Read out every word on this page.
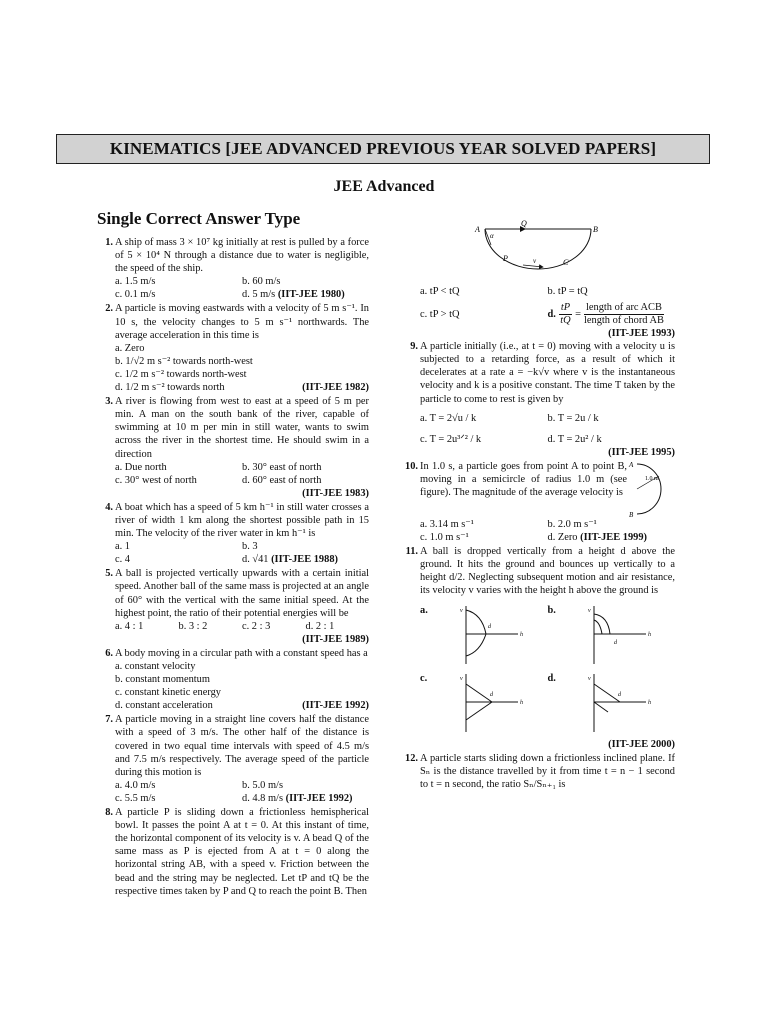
KINEMATICS [JEE ADVANCED PREVIOUS YEAR SOLVED PAPERS]
JEE Advanced
Single Correct Answer Type
1. A ship of mass 3 × 10⁷ kg initially at rest is pulled by a force of 5 × 10⁴ N through a distance due to water is negligible, the speed of the ship.
a. 1.5 m/s	b. 60 m/s
c. 0.1 m/s	d. 5 m/s (IIT-JEE 1980)
2. A particle is moving eastwards with a velocity of 5 m s⁻¹. In 10 s, the velocity changes to 5 m s⁻¹ northwards. The average acceleration in this time is
a. Zero
b. 1/√2 m s⁻² towards north-west
c. 1/2 m s⁻² towards north-west
d. 1/2 m s⁻² towards north	(IIT-JEE 1982)
3. A river is flowing from west to east at a speed of 5 m per min. A man on the south bank of the river, capable of swimming at 10 m per min in still water, wants to swim across the river in the shortest time. He should swim in a direction
a. Due north	b. 30° east of north
c. 30° west of north	d. 60° east of north
(IIT-JEE 1983)
4. A boat which has a speed of 5 km h⁻¹ in still water crosses a river of width 1 km along the shortest possible path in 15 min. The velocity of the river water in km h⁻¹ is
a. 1	b. 3
c. 4	d. √41 (IIT-JEE 1988)
5. A ball is projected vertically upwards with a certain initial speed. Another ball of the same mass is projected at an angle of 60° with the vertical with the same initial speed. At the highest point, the ratio of their potential energies will be
a. 4 : 1	b. 3 : 2	c. 2 : 3	d. 2 : 1
(IIT-JEE 1989)
6. A body moving in a circular path with a constant speed has a
a. constant velocity
b. constant momentum
c. constant kinetic energy
d. constant acceleration	(IIT-JEE 1992)
7. A particle moving in a straight line covers half the distance with a speed of 3 m/s. The other half of the distance is covered in two equal time intervals with speed of 4.5 m/s and 7.5 m/s respectively. The average speed of the particle during this motion is
a. 4.0 m/s	b. 5.0 m/s
c. 5.5 m/s	d. 4.8 m/s (IIT-JEE 1992)
8. A particle P is sliding down a frictionless hemispherical bowl. It passes the point A at t = 0. At this instant of time, the horizontal component of its velocity is v. A bead Q of the same mass as P is ejected from A at t = 0 along the horizontal string AB, with a speed v. Friction between the bead and the string may be neglected. Let tP and tQ be the respective times taken by P and Q to reach the point B. Then
A	B
Q
P	C
α
v
a. tP < tQ	b. tP = tQ
c. tP > tQ	d. $\frac{tP}{tQ} = \frac{\text{length of arc ACB}}{\text{length of chord AB}}$
(IIT-JEE 1993)
9. A particle initially (i.e., at t = 0) moving with a velocity u is subjected to a retarding force, as a result of which it decelerates at a rate a = −k√v where v is the instantaneous velocity and k is a positive constant. The time T taken by the particle to come to rest is given by
a. T = 2√u / k	b. T = 2u / k
c. T = 2u³ᐟ² / k	d. T = 2u² / k
(IIT-JEE 1995)
10. In 1.0 s, a particle goes from point A to point B, moving in a semicircle of radius 1.0 m (see figure). The magnitude of the average velocity is
A
B
1.0 m
a. 3.14 m s⁻¹	b. 2.0 m s⁻¹
c. 1.0 m s⁻¹	d. Zero (IIT-JEE 1999)
11. A ball is dropped vertically from a height d above the ground. It hits the ground and bounces up vertically to a height d/2. Neglecting subsequent motion and air resistance, its velocity v varies with the height h above the ground is
a.	v
h
d
b.	v
h
d
c.	v
h
d
d.	v
h
d
(IIT-JEE 2000)
12. A particle starts sliding down a frictionless inclined plane. If Sₙ is the distance travelled by it from time t = n − 1 second to t = n second, the ratio Sₙ/Sₙ₊₁ is
